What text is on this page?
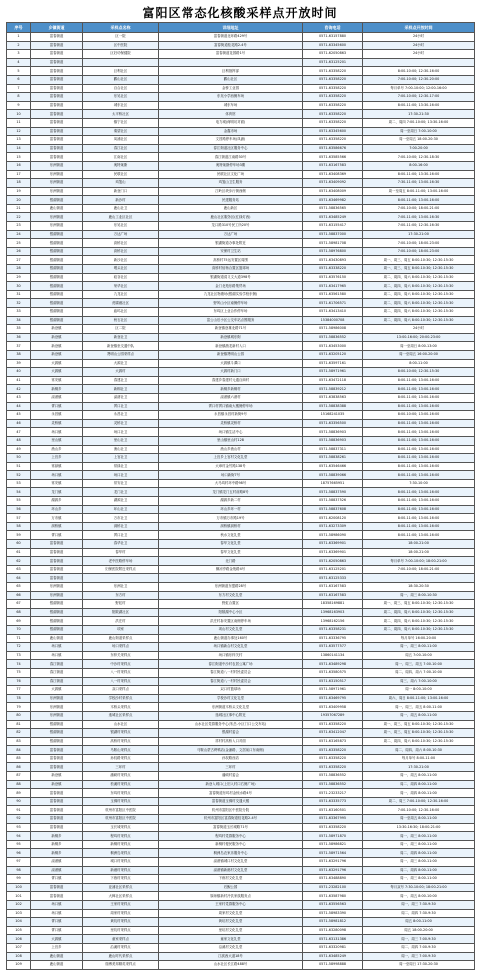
富阳区常态化核酸采样点开放时间
序号	乡镇街道	采样点名称	详细地址	咨询电话	采样点开放时间
1	富春街道	区一院	富春街道北环路429号	0571-63157880	24小时
2	富春街道	区中医院	富春街道桂花路2-4号	0571-63345600	24小时
3	富春街道	区妇幼保健院	富春街道花园路1号	0571-62050863	24小时
4	富春街道			0571-63125201	
5	富春街道	巨利社区	巨利指挥部	0571-63358220	8:00-10:00; 12:30-16:00
6	富春街道	鹳山社区	鹳山社区	0571-63358220	7:00-10:00; 12:30-20:00
7	富春街道	百合社区	金桥工业园	0571-63358220	每月单号 7:00-10:00; 12:00-16:00
8	富春街道	东吴社区	东吴小学西侧车场	0571-63358220	7:00-10:00; 12:30-17:00
9	富春街道	城东社区	城东车场	0571-63358220	8:00-11:00; 13:30-16:00
10	富春街道	太平桥社区	体育馆	0571-63358220	17:30-21:30
11	富春街道	镇宁社区	电力城(荷明坊对面)	0571-63358220	周二、周四 7:00-10:00; 13:30-16:00
12	富春街道	秦望社区	金鑫市场	0571-63345600	周一至周日 7:00-10:00
13	富春街道	凤浦社区	文昌路停车场(凤浦)	0571-63358220	周一至周五 18:00-20:30
14	富春街道	春江社区	春江街道社区服务中心	0571-63586676	7:00-20:00
15	富春街道	江南社区	春江街道江南路30号	0571-63585566	7:00-10:00; 12:30-18:30
16	东洲街道	奥特莱斯	奥特莱斯停车场3期	0571-63167583	8:00-16:00
17	东洲街道	民联社区	民联社区文化广场	0571-63408369	8:00-11:00; 13:30-16:00
18	东洲街道	鸡笼山	鸡笼山卫生服务	0571-63409092	7:30-11:00; 13:00-16:30
19	东洲街道	新登门口	江岭区块步行街西侧	0571-63408009	周一至周五 8:00-11:00; 13:00-16:00
20	银湖街道	新沙村	民建服务站	0571-63469982	8:00-11:00; 13:00-16:00
21	鹿山街道	鹿山社卫	鹿山新区	0571-58836565	7:00-10:00; 18:00-21:00
22	东洲街道	鹿山工业区社区	鹿山社区服务区(红绿灯西)	0571-63485249	7:00-11:00; 13:00-16:30
23	东洲街道	东吴社区	龙口路310号民工所20号	0571-63155417	7:00-11:00; 12:30-16:30
24	银湖街道	万达广场	万达广场	0571-58837000	17:30-21:00
25	银湖街道	高桥社区	银湖街道办事处附近	0571-58981708	7:00-10:00; 18:00-23:00
26	银湖街道	高桥社区	安保村卫生站	0571-58976800	7:00-10:00; 18:00-23:00
27	银湖街道	新沙社区	高桥村75运安置区周围	0571-63430893	周一、周三、周五 8:00-10:30; 12:30-15:30
28	银湖街道	墩头社区	高桥村佰杨合置区篮球场	0571-63338220	周一、周三、周五 8:00-10:30; 12:30-15:30
29	银湖街道	硅谷社区	银湖街道清义文大道398号	0571-63576150	周二、周四、周六 8:00-10:30; 12:30-15:30
30	银湖街道	荣华社区	金门北苑东路集贸场	0571-63417965	周二、周四、周六 8:00-10:30; 12:30-15:30
31	银湖街道	九龙社区	九龙社区物康场(银湖实验学校东侧)	0571-63561580	周二、周四、周六 8:00-10:30; 12:30-15:30
32	银湖街道	虎啸港社区	野风山小区南侧停车场	0571-61706571	周二、周四、周六 8:00-10:30; 12:30-15:30
33	银湖街道	庙坞社区	东坞区上业合作停车场	0571-63413410	周二、周四、周六 8:00-10:30; 12:30-15:30
34	银湖街道	秋石社区	富公山后小区公交车站点围服务	15384000708	周二、周四、周六 8:00-10:30; 12:30-15:30
35	新登镇	区二院	新登镇登雄北路71号	0571-58986008	24小时
36	新登镇	新登社卫	新登镇城东街	0571-58836552	13:00-16:00; 20:00-23:00
37	新登镇	新登镇坐交通中队	新登镇潜龙新村入口	0571-63453000	周一至周日 8:00-13:00
38	新登镇	贤明山公园采样点	新登镇贤明山公园	0571-63205120	周一至周五 16:00-20:00
39	大源镇	大源社卫	大源镇斗潭口	0571-63597161	8:00-11:00
40	大源镇	大源村	大源村新门口	0571-58971961	8:00-10:00; 12:30-15:30
41	常安镇	春建社卫	春建乡春建村元通百商村	0571-63472118	8:00-11:00; 13:00-16:00
42	新桐乡	新桐社卫	新桐乡新桐村	0571-58839212	8:00-11:00; 13:00-16:00
43	渌渚镇	渌渚社卫	渌渚镇六渚村	0571-63838563	8:00-11:00; 13:00-16:00
44	胥口镇	胥口社卫	胥口村胥口镇南大楼侧停车场	0571-58838388	8:00-11:00; 13:00-16:00
45	永昌镇	永昌社卫	永昌镇永昌村新街9号	15168241035	8:00-10:00; 13:00-16:00
46	灵桥镇	灵桥社卫	灵桥镇灵桥村	0571-63356500	8:00-11:00; 13:00-16:00
47	场口镇	场口社卫	场口镇生活中心	0571-58836903	8:00-11:00; 13:00-16:00
48	里山镇	里山社卫	里山镇里山村128	0571-58836903	8:00-11:00; 13:00-16:00
49	渔山乡	渔山社卫	渔山乡渔山村	0571-58837311	8:00-11:00; 13:00-16:00
50	上官乡	上官社卫	上官乡上官村文化礼堂	0571-58838261	8:00-11:00; 13:00-16:00
51	常绿镇	常绿社卫	大章村金竹路138号	0571-63546466	8:00-11:00; 13:00-16:00
52	场口镇	场口社卫	场口新街7号	0571-58839066	8:00-11:00; 13:00-16:00
53	常安镇	常安社卫	大马坞村环中路98号	18757665951	7:30-10:00
54	龙门镇	龙门社卫	龙门镇龙门五村前路8号	0571-58837590	8:00-11:00; 13:00-16:00
55	湖源乡	湖源社卫	湖源乡新二村	0571-58837526	8:00-11:00; 13:00-16:00
56	环山乡	环山社卫	环山乡环一村	0571-58837608	8:00-11:00; 13:00-16:00
57	万市镇	万市社卫	万市镇万市路19号	0571-62008120	8:00-11:00; 13:00-16:00
58	洞桥镇	洞桥社卫	洞桥镇洞桥村	0571-63273309	8:00-11:00; 13:00-16:00
59	胥口镇	胥口社卫	秋水文化礼堂	0571-58986090	8:00-11:00; 13:00-16:00
60	富春街道	春华社卫	春华文化礼堂	0571-63369901	18:00-21:00
61	富春街道	春华村	春华文化礼堂	0571-63369901	18:00-21:00
62	富春街道	老中医路停车场	北门路	0571-62050863	每月单号 7:00-10:00; 18:00-21:00
63	富春街道	妇保医院附近采样点	横凉亭路金苑路4号	0571-63125201	7:00-10:00; 18:00-21:00
64	富春街道			0571-63125333	
65	东洲街道	东洲社卫	东洲街道东盟路28号	0571-63167583	18:30-20:30
66	东洲街道	东方村	东方村文化礼堂	0571-63167583	周一、周三 8:00-10:30
67	银湖街道	野虹村	野虹合置区	18358169881	周一、周三、周五 8:00-10:30; 12:30-15:30
68	银湖街道	阳陂湖社区	阳陂湖中心小区	13968163903	周二、周四、周六 8:00-10:30; 12:30-15:30
69	银湖街道	洪庄村	洪庄村拆安置区南侧停车场	13968162156	周二、周四、周六 8:00-10:30; 12:30-15:30
70	银湖街道	项家	项山村文化礼堂	0571-63358231	周二、周四、周六 8:00-10:30; 12:30-15:30
71	鹿山街道	鹿山街道采样点	鹿山街道办事处160号	0571-63336795	每月单号 16:00-20:00
72	场口镇	场口采样点	场口镇新合村文化礼堂	0571-63577577	周一、周三 8:00-11:00
73	场口镇	东梓关采样点	场口镇东梓关村	13860141134	周五 7:00-10:00
74	春江街道	中沙村采样点	春江街道中沙村农居公寓广场	0571-63489298	周一、周三、周五 7:00-10:00
75	春江街道	八一村采样点	春江街道八一村村民委员会	0571-63580575	周二、周四、周六 7:00-10:00
76	春江街道	八一村采样点	春江街道八一村村民委员会	0571-63150517	周三、周六 7:00-10:00
77	大源镇	双口采样点	双口村篮球场	0571-58971961	周一 8:00-10:00
78	东洲街道	学校沙村采样点	学校沙村文化礼堂	0571-63469795	周六、周日 8:00-11:00; 13:00-16:00
79	东洲街道	木桥头采样点	东洲街道木桥头文化礼堂	0571-63409958	周一、周三、周五 8:00-11:00
80	东洲街道	逸城社区采样点	逸城社区事中心附近	19357067289	周一、周五 8:00-11:00
81	银湖街道	山水社区	山水社区党群服务中心(朱岳-小区门口公交车站)	0571-63358220	周一、周三、周五 8:00-10:30; 12:30-15:30
82	银湖街道	银湖村采样点	银湖村委会	0571-63412047	周一、周三、周五 8:00-10:30; 12:30-15:30
83	银湖街道	高桥村采样点	祥村村高桥入口对面	0571-63165873	周二、周四、周六 8:00-10:30; 12:30-15:30
84	富春街道	马鞍山采样点	马鞍山蒙古烤鸭店(金浦路、文居前口东南侧)	0571-63358220	周二、周四、周六 8:00-10:30
85	富春街道	孙权路采样点	孙权路西店	0571-63358220	每月单号 8:00-11:00
86	富春街道	三环村	三环村	0571-63358220	17:30-21:00
87	新登镇	潘硕村采样点	潘硕村委会	0571-58836552	周一、周五 8:00-11:00
88	新登镇	松溪村采样点	新登入城口(上旧入村口右侧广场)	0571-58836552	周二、周四 8:00-11:00
89	富春街道	东坞村采样点	富春街道东坞村金惊水路4号	0571-23233217	周一、周四 8:00-11:00
90	富春街道	玉佛村采样点	富春街道玉佛村交通大楼	0571-63335773	周二、周三 7:00-10:00; 12:30-16:00
91	富春街道	杭州市富阳区中医院	杭州市富阳区中医院分院	0571-63160501	7:00-10:00; 12:30-16:00
92	富春街道	杭州市富阳区中医院	杭州市富阳区富春街道桂花路2-4号	0571-63367995	周一至周五 8:00-11:00
93	富春街道	玉长城采样点	富春街道玉长城路71号	0571-63358220	13:30-16:30; 18:00-21:00
94	新桐乡	程坞村采样点	程坞村党群服务中心	0571-58971870	周一、周三 8:00-11:00
95	新桐乡	新桐村采样点	新桐村便民服务中心	0571-58986821	周一、周三 8:00-11:00
96	新桐乡	桐洲岛采样点	桐洲岛农家乐服务中心	0571-58971564	周二、周四 8:00-11:00
97	渌渚镇	城口村采样点	渌渚镇城口村文化礼堂	0571-63291796	周一、周三 8:00-11:00
98	渌渚镇	新港村采样点	渌渚镇新港村文化礼堂	0571-63291796	周二、周四 8:00-11:00
99	胥口镇	下练村采样点	下练村文化礼堂	0571-63488890	周一、周三 8:00-11:00
100	富春街道	亚浦社区采样点	后鲵公园	0571-23282100	每月双号 7:30-10:00; 18:00-21:00
101	富春街道	大樟社区采样点	原师镇新村冷饮家族服务点	0571-63587980	周一、周五 8:00-10:00
102	场口镇	王家村采样点	王家村党群服务中心	0571-63556563	周一、周三 7:30-9:30
103	场口镇	周家村采样点	周家村文化礼堂	0571-58983390	周二、周四 7:30-9:30
104	胥口镇	黄坑村采样点	黄坑村文化礼堂	0571-58981812	周五 8:00-11:00
105	胥口镇	里坑村采样点	里坑村文化礼堂	0571-63280098	周五 18:00-20:00
106	大源镇	童家采样点	童家文化礼堂	0571-63131386	周一、周三 7:00-9:30
107	上官乡	沿溪村采样点	沿溪村文化礼堂	0571-63320981	周二、周四 7:00-9:30
108	鹿山街道	鹿山时代采样点	江滨西大道18号	0571-63485249	周一、周三 7:00-9:30
109	鹿山街道	瑞博美邦精英采样点	山水社区长江路488号	0571-58998888	周一至周日 17:30-20:30
